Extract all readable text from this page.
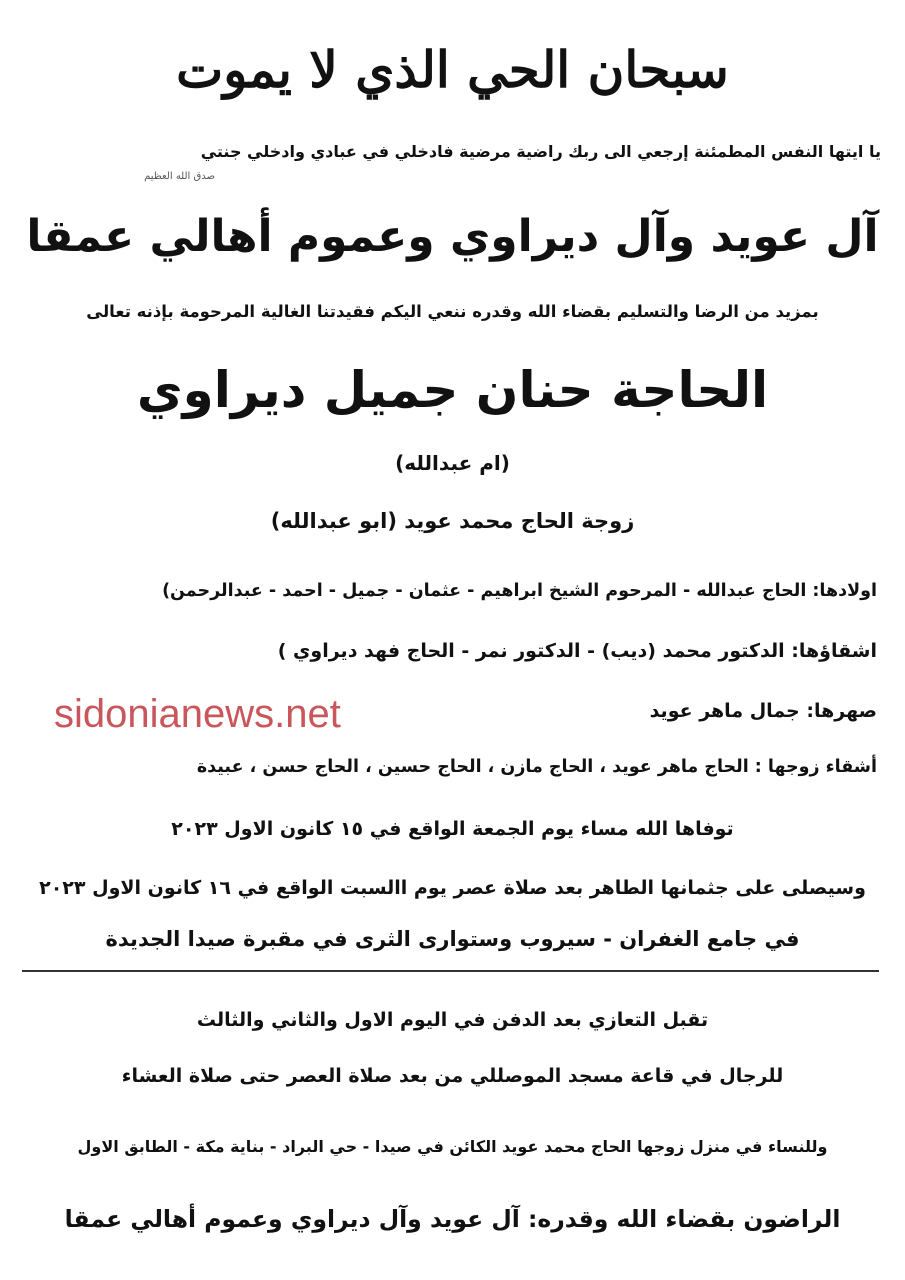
سبحان الحي الذي لا يموت
يا ايتها النفس المطمئنة إرجعي الى ربك راضية مرضية فادخلي في عبادي وادخلي جنتي
صدق الله العظيم
آل عويد وآل ديراوي وعموم أهالي عمقا
بمزيد من الرضا والتسليم بقضاء الله وقدره ننعي اليكم فقيدتنا الغالية المرحومة بإذنه تعالى
الحاجة حنان جميل ديراوي
(ام عبدالله)
زوجة الحاج محمد عويد (ابو عبدالله)
اولادها: الحاج عبدالله - المرحوم الشيخ ابراهيم - عثمان - جميل - احمد - عبدالرحمن)
اشقاؤها: الدكتور محمد (ديب) - الدكتور نمر - الحاج فهد ديراوي )
صهرها: جمال ماهر عويد
sidonianews.net
أشقاء زوجها : الحاج ماهر عويد ، الحاج مازن ، الحاج حسين ، الحاج حسن ، عبيدة
توفاها الله مساء يوم الجمعة الواقع في ١٥ كانون الاول ٢٠٢٣
وسيصلى على جثمانها الطاهر بعد صلاة عصر يوم االسبت الواقع في ١٦ كانون الاول ٢٠٢٣
في جامع الغفران - سيروب وستوارى الثرى في مقبرة صيدا الجديدة
تقبل التعازي بعد الدفن في اليوم الاول والثاني والثالث
للرجال في قاعة مسجد الموصللي من بعد صلاة العصر حتى صلاة العشاء
وللنساء في منزل زوجها الحاج محمد عويد الكائن في صيدا - حي البراد - بناية مكة - الطابق الاول
الراضون بقضاء الله وقدره: آل عويد وآل ديراوي وعموم أهالي عمقا
